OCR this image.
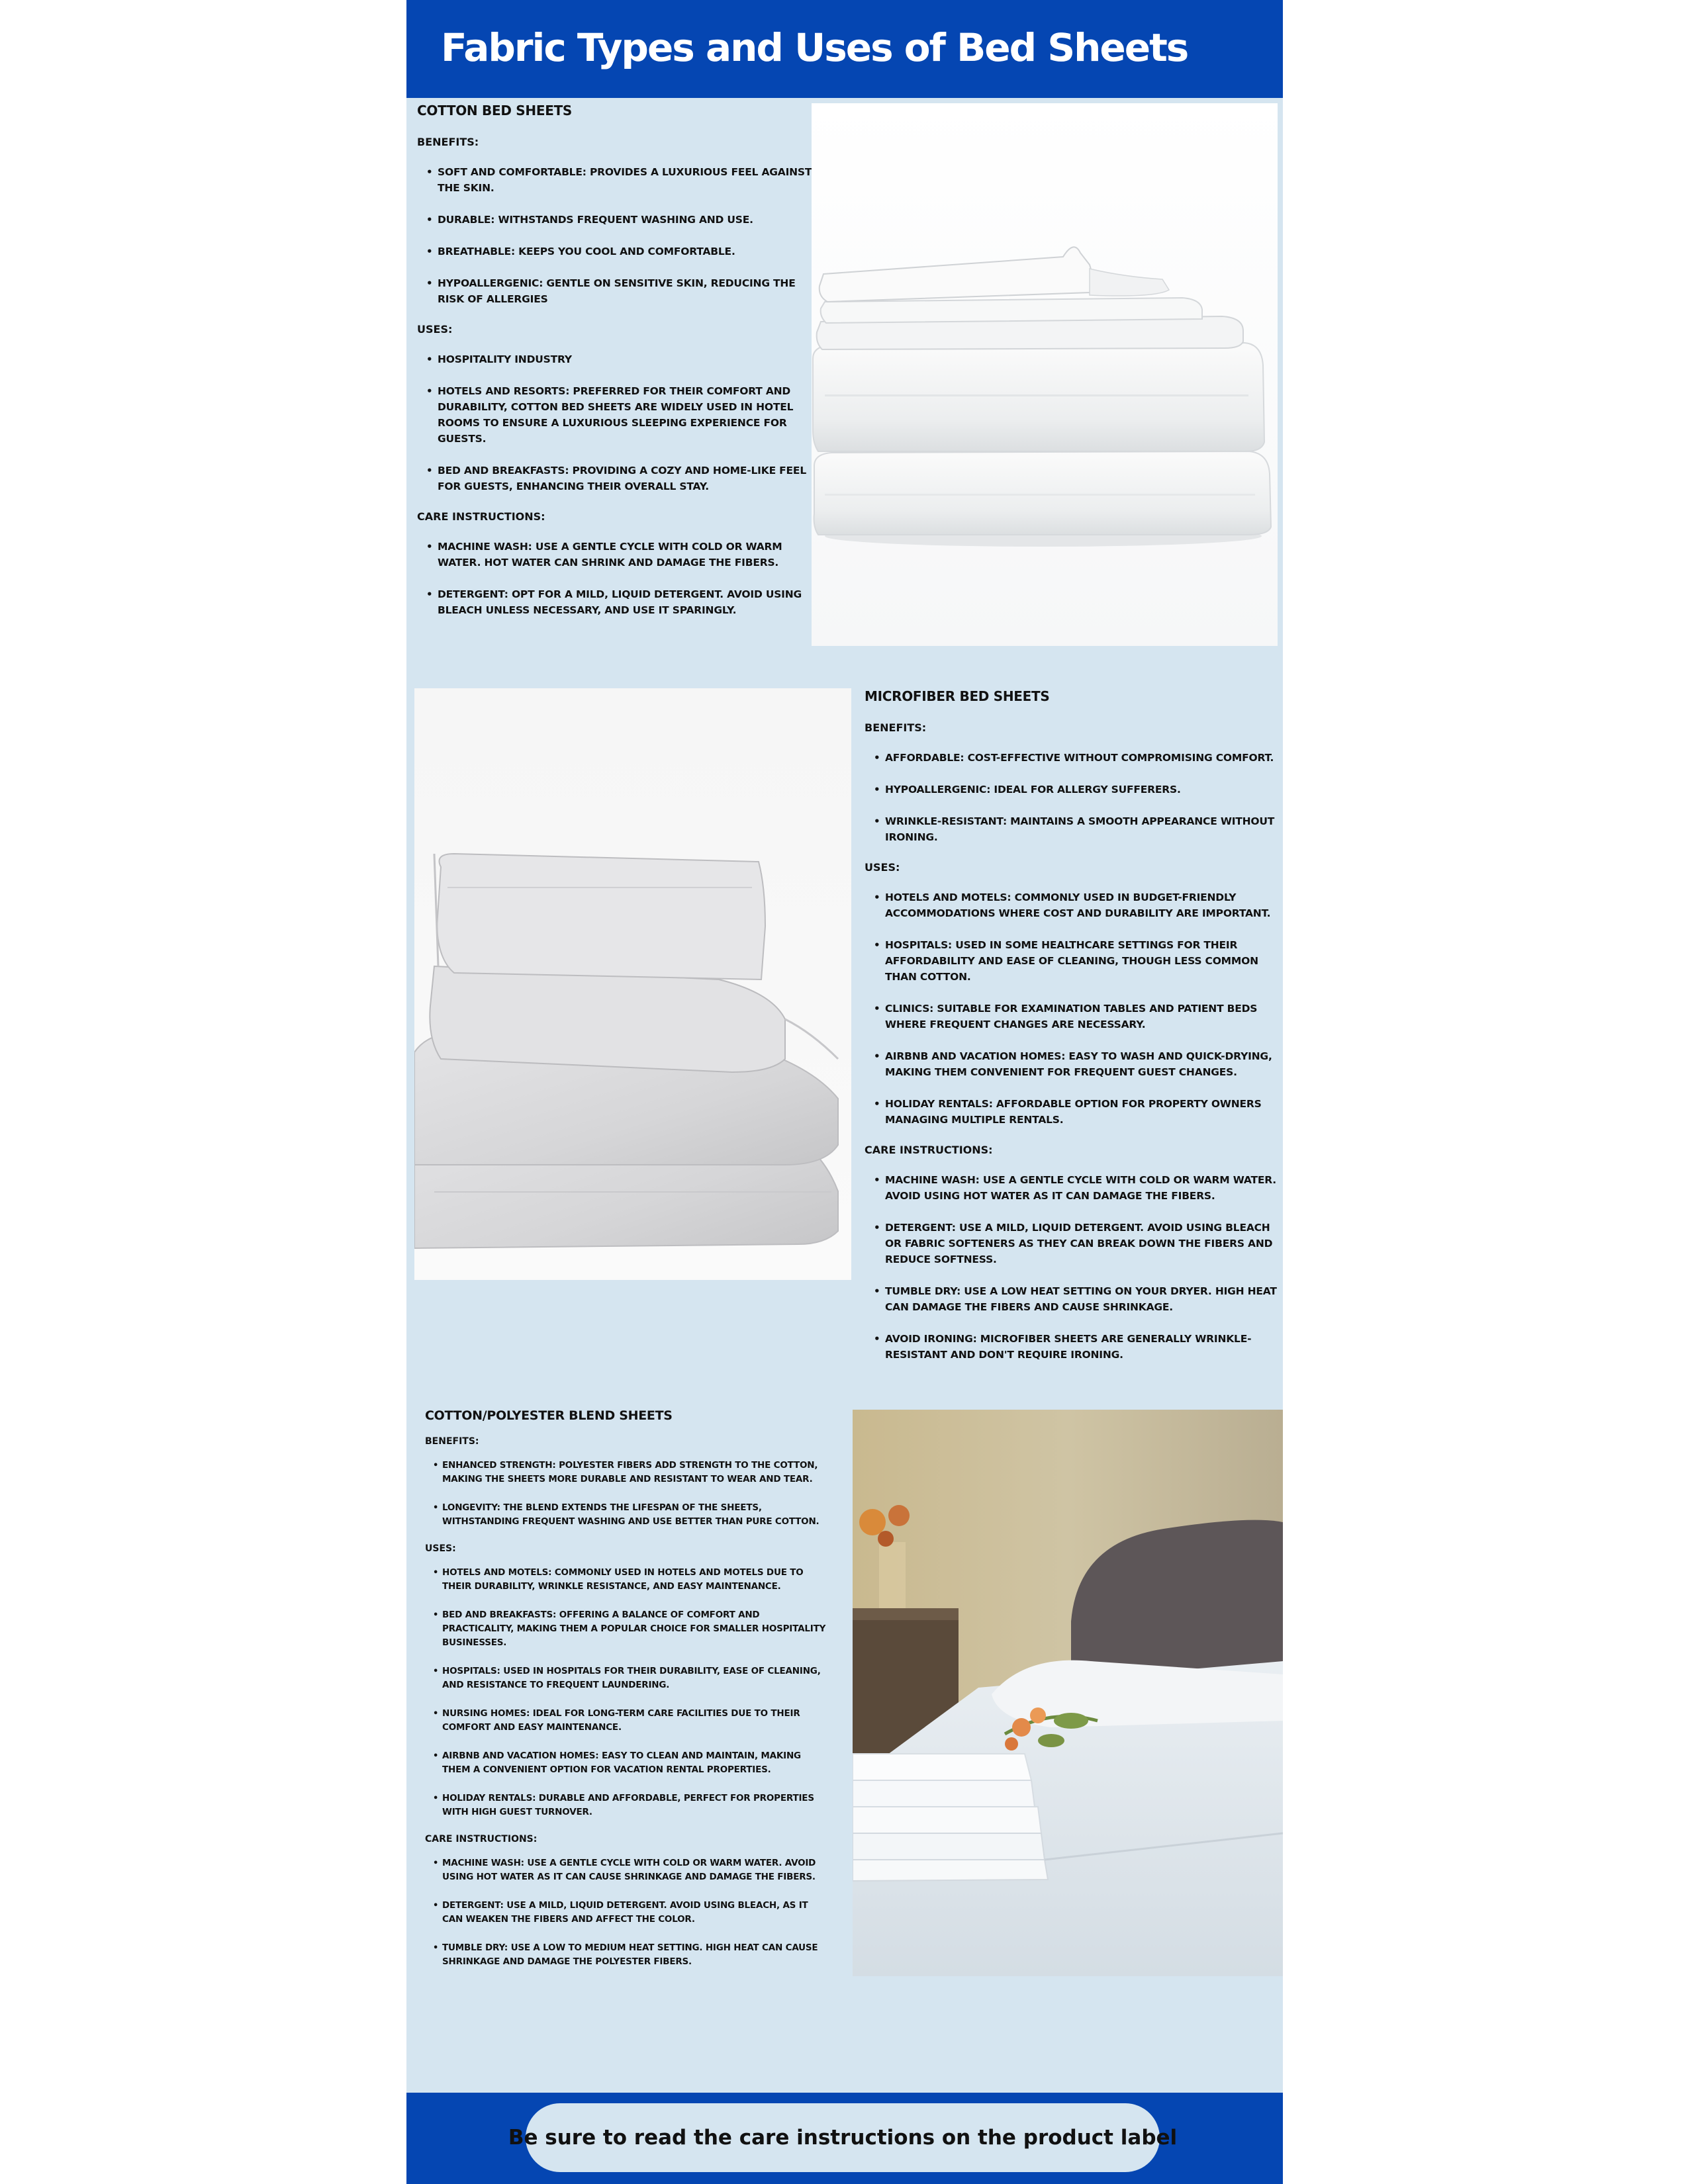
Fabric Types and Uses of Bed Sheets
COTTON BED SHEETS
BENEFITS:
• SOFT AND COMFORTABLE: PROVIDES A LUXURIOUS FEEL AGAINST THE SKIN.
• DURABLE: WITHSTANDS FREQUENT WASHING AND USE.
• BREATHABLE: KEEPS YOU COOL AND COMFORTABLE.
• HYPOALLERGENIC: GENTLE ON SENSITIVE SKIN, REDUCING THE RISK OF ALLERGIES
USES:
• HOSPITALITY INDUSTRY
• HOTELS AND RESORTS: PREFERRED FOR THEIR COMFORT AND DURABILITY, COTTON BED SHEETS ARE WIDELY USED IN HOTEL ROOMS TO ENSURE A LUXURIOUS SLEEPING EXPERIENCE FOR GUESTS.
• BED AND BREAKFASTS: PROVIDING A COZY AND HOME-LIKE FEEL FOR GUESTS, ENHANCING THEIR OVERALL STAY.
CARE INSTRUCTIONS:
• MACHINE WASH: USE A GENTLE CYCLE WITH COLD OR WARM WATER. HOT WATER CAN SHRINK AND DAMAGE THE FIBERS.
• DETERGENT: OPT FOR A MILD, LIQUID DETERGENT. AVOID USING BLEACH UNLESS NECESSARY, AND USE IT SPARINGLY.
MICROFIBER BED SHEETS
BENEFITS:
• AFFORDABLE: COST-EFFECTIVE WITHOUT COMPROMISING COMFORT.
• HYPOALLERGENIC: IDEAL FOR ALLERGY SUFFERERS.
• WRINKLE-RESISTANT: MAINTAINS A SMOOTH APPEARANCE WITHOUT IRONING.
USES:
• HOTELS AND MOTELS: COMMONLY USED IN BUDGET-FRIENDLY ACCOMMODATIONS WHERE COST AND DURABILITY ARE IMPORTANT.
• HOSPITALS: USED IN SOME HEALTHCARE SETTINGS FOR THEIR AFFORDABILITY AND EASE OF CLEANING, THOUGH LESS COMMON THAN COTTON.
• CLINICS: SUITABLE FOR EXAMINATION TABLES AND PATIENT BEDS WHERE FREQUENT CHANGES ARE NECESSARY.
• AIRBNB AND VACATION HOMES: EASY TO WASH AND QUICK-DRYING, MAKING THEM CONVENIENT FOR FREQUENT GUEST CHANGES.
• HOLIDAY RENTALS: AFFORDABLE OPTION FOR PROPERTY OWNERS MANAGING MULTIPLE RENTALS.
CARE INSTRUCTIONS:
• MACHINE WASH: USE A GENTLE CYCLE WITH COLD OR WARM WATER. AVOID USING HOT WATER AS IT CAN DAMAGE THE FIBERS.
• DETERGENT: USE A MILD, LIQUID DETERGENT. AVOID USING BLEACH OR FABRIC SOFTENERS AS THEY CAN BREAK DOWN THE FIBERS AND REDUCE SOFTNESS.
• TUMBLE DRY: USE A LOW HEAT SETTING ON YOUR DRYER. HIGH HEAT CAN DAMAGE THE FIBERS AND CAUSE SHRINKAGE.
• AVOID IRONING: MICROFIBER SHEETS ARE GENERALLY WRINKLE-RESISTANT AND DON'T REQUIRE IRONING.
COTTON/POLYESTER BLEND SHEETS
BENEFITS:
• ENHANCED STRENGTH: POLYESTER FIBERS ADD STRENGTH TO THE COTTON, MAKING THE SHEETS MORE DURABLE AND RESISTANT TO WEAR AND TEAR.
• LONGEVITY: THE BLEND EXTENDS THE LIFESPAN OF THE SHEETS, WITHSTANDING FREQUENT WASHING AND USE BETTER THAN PURE COTTON.
USES:
• HOTELS AND MOTELS: COMMONLY USED IN HOTELS AND MOTELS DUE TO THEIR DURABILITY, WRINKLE RESISTANCE, AND EASY MAINTENANCE.
• BED AND BREAKFASTS: OFFERING A BALANCE OF COMFORT AND PRACTICALITY, MAKING THEM A POPULAR CHOICE FOR SMALLER HOSPITALITY BUSINESSES.
• HOSPITALS: USED IN HOSPITALS FOR THEIR DURABILITY, EASE OF CLEANING, AND RESISTANCE TO FREQUENT LAUNDERING.
• NURSING HOMES: IDEAL FOR LONG-TERM CARE FACILITIES DUE TO THEIR COMFORT AND EASY MAINTENANCE.
• AIRBNB AND VACATION HOMES: EASY TO CLEAN AND MAINTAIN, MAKING THEM A CONVENIENT OPTION FOR VACATION RENTAL PROPERTIES.
• HOLIDAY RENTALS: DURABLE AND AFFORDABLE, PERFECT FOR PROPERTIES WITH HIGH GUEST TURNOVER.
CARE INSTRUCTIONS:
• MACHINE WASH: USE A GENTLE CYCLE WITH COLD OR WARM WATER. AVOID USING HOT WATER AS IT CAN CAUSE SHRINKAGE AND DAMAGE THE FIBERS.
• DETERGENT: USE A MILD, LIQUID DETERGENT. AVOID USING BLEACH, AS IT CAN WEAKEN THE FIBERS AND AFFECT THE COLOR.
• TUMBLE DRY: USE A LOW TO MEDIUM HEAT SETTING. HIGH HEAT CAN CAUSE SHRINKAGE AND DAMAGE THE POLYESTER FIBERS.
Be sure to read the care instructions on the product label
